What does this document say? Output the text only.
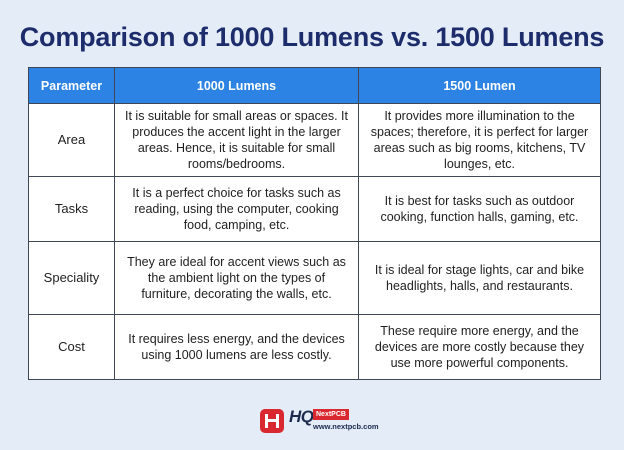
Comparison of 1000 Lumens vs. 1500 Lumens
Parameter	1000 Lumens	1500 Lumen
Area	It is suitable for small areas or spaces. It produces the accent light in the larger areas. Hence, it is suitable for small rooms/bedrooms.	It provides more illumination to the spaces; therefore, it is perfect for larger areas such as big rooms, kitchens, TV lounges, etc.
Tasks	It is a perfect choice for tasks such as reading, using the computer, cooking food, camping, etc.	It is best for tasks such as outdoor cooking, function halls, gaming, etc.
Speciality	They are ideal for accent views such as the ambient light on the types of furniture, decorating the walls, etc.	It is ideal for stage lights, car and bike headlights, halls, and restaurants.
Cost	It requires less energy, and the devices using 1000 lumens are less costly.	These require more energy, and the devices are more costly because they use more powerful components.
HQ NextPCB
www.nextpcb.com
